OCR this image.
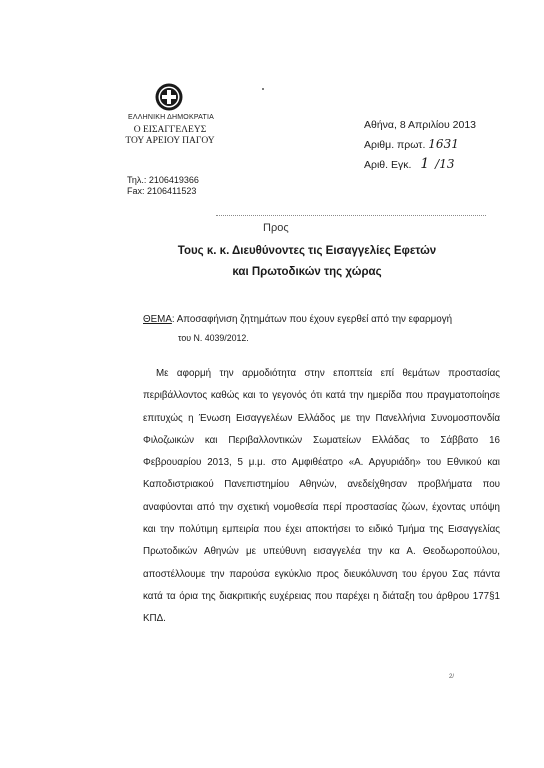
ΕΛΛΗΝΙΚΗ ΔΗΜΟΚΡΑΤΙΑ
Ο ΕΙΣΑΓΓΕΛΕΥΣ
ΤΟΥ ΑΡΕΙΟΥ ΠΑΓΟΥ
Τηλ.: 2106419366
Fax: 2106411523
Αθήνα, 8 Απριλίου 2013
Αριθμ. πρωτ. 1631
Αριθ. Εγκ. 1 /13
Προς
Τους κ. κ. Διευθύνοντες τις Εισαγγελίες Εφετών
και Πρωτοδικών της χώρας
ΘΕΜΑ: Αποσαφήνιση ζητημάτων που έχουν εγερθεί από την εφαρμογή
του Ν. 4039/2012.
Με αφορμή την αρμοδιότητα στην εποπτεία επί θεμάτων προστασίας περιβάλλοντος καθώς και το γεγονός ότι κατά την ημερίδα που πραγματοποίησε επιτυχώς η Ένωση Εισαγγελέων Ελλάδος με την Πανελλήνια Συνομοσπονδία Φιλοζωικών και Περιβαλλοντικών Σωματείων Ελλάδας το Σάββατο 16 Φεβρουαρίου 2013, 5 μ.μ. στο Αμφιθέατρο «Α. Αργυριάδη» του Εθνικού και Καποδιστριακού Πανεπιστημίου Αθηνών, ανεδείχθησαν προβλήματα που αναφύονται από την σχετική νομοθεσία περί προστασίας ζώων, έχοντας υπόψη και την πολύτιμη εμπειρία που έχει αποκτήσει το ειδικό Τμήμα της Εισαγγελίας Πρωτοδικών Αθηνών με υπεύθυνη εισαγγελέα την κα Α. Θεοδωροπούλου, αποστέλλουμε την παρούσα εγκύκλιο προς διευκόλυνση του έργου Σας πάντα κατά τα όρια της διακριτικής ευχέρειας που παρέχει η διάταξη του άρθρου 177§1 ΚΠΔ.
2/
